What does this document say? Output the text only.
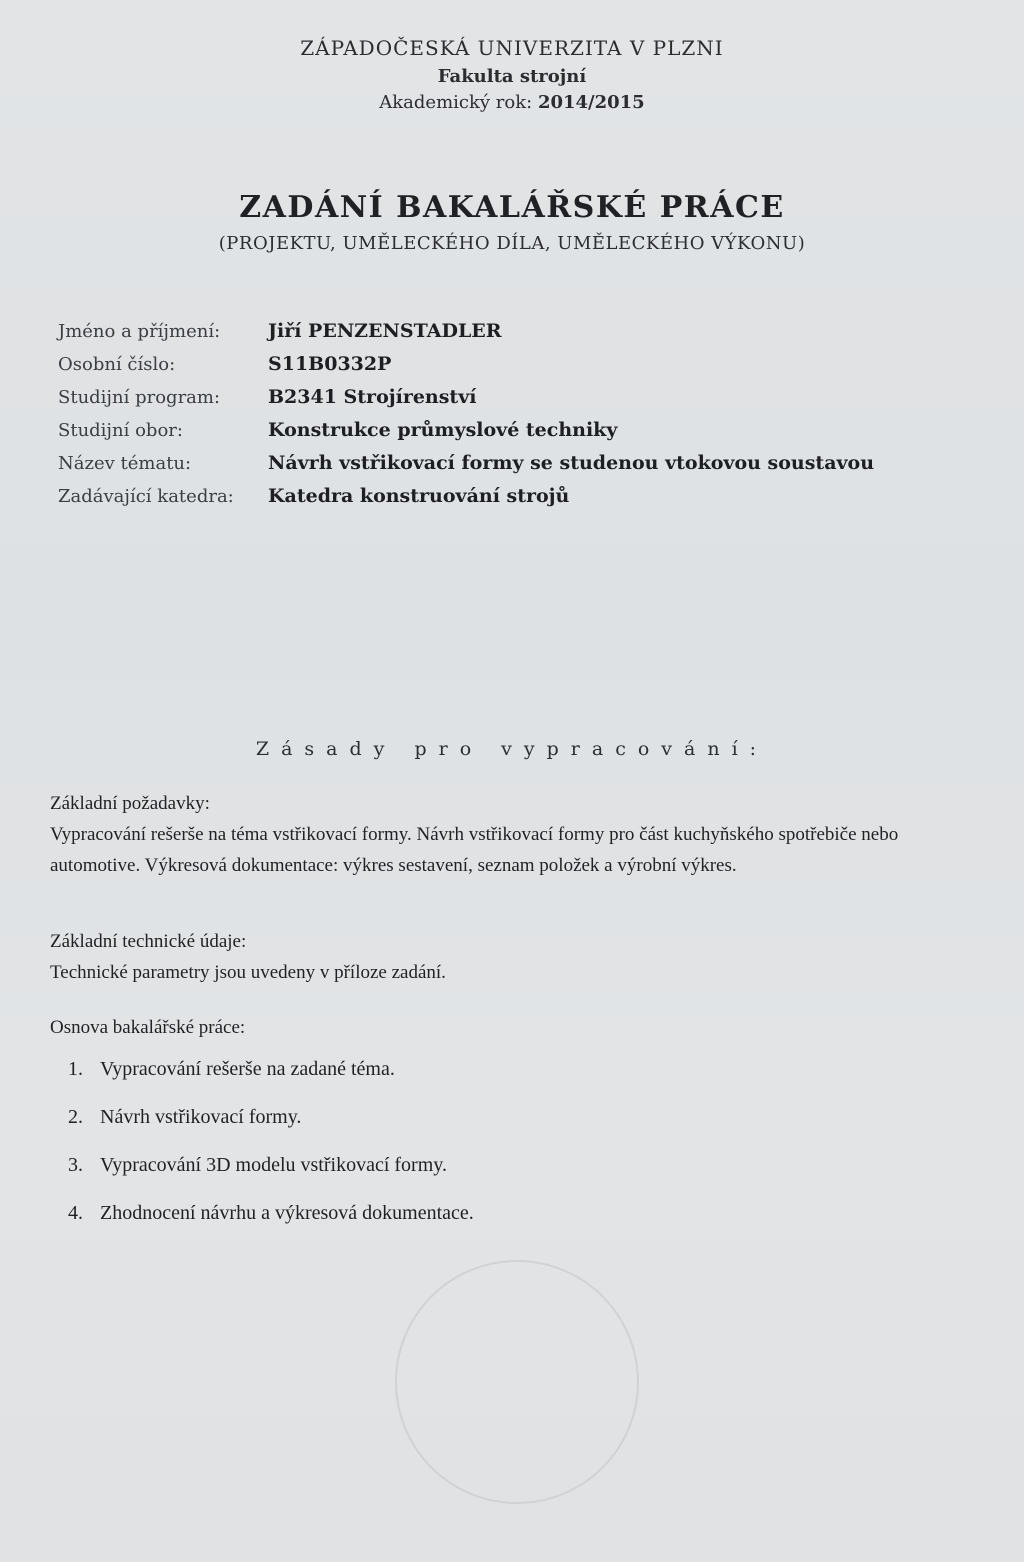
ZÁPADOČESKÁ UNIVERZITA V PLZNI
Fakulta strojní
Akademický rok: 2014/2015
ZADÁNÍ BAKALÁŘSKÉ PRÁCE
(PROJEKTU, UMĚLECKÉHO DÍLA, UMĚLECKÉHO VÝKONU)
Jméno a příjmení:	Jiří PENZENSTADLER
Osobní číslo:	S11B0332P
Studijní program:	B2341 Strojírenství
Studijní obor:	Konstrukce průmyslové techniky
Název tématu:	Návrh vstřikovací formy se studenou vtokovou soustavou
Zadávající katedra:	Katedra konstruování strojů
Zásady pro vypracování:
Základní požadavky:
Vypracování rešerše na téma vstřikovací formy. Návrh vstřikovací formy pro část kuchyňského spotřebiče nebo automotive. Výkresová dokumentace: výkres sestavení, seznam položek a výrobní výkres.
Základní technické údaje:
Technické parametry jsou uvedeny v příloze zadání.
Osnova bakalářské práce:
1. Vypracování rešerše na zadané téma.
2. Návrh vstřikovací formy.
3. Vypracování 3D modelu vstřikovací formy.
4. Zhodnocení návrhu a výkresová dokumentace.
